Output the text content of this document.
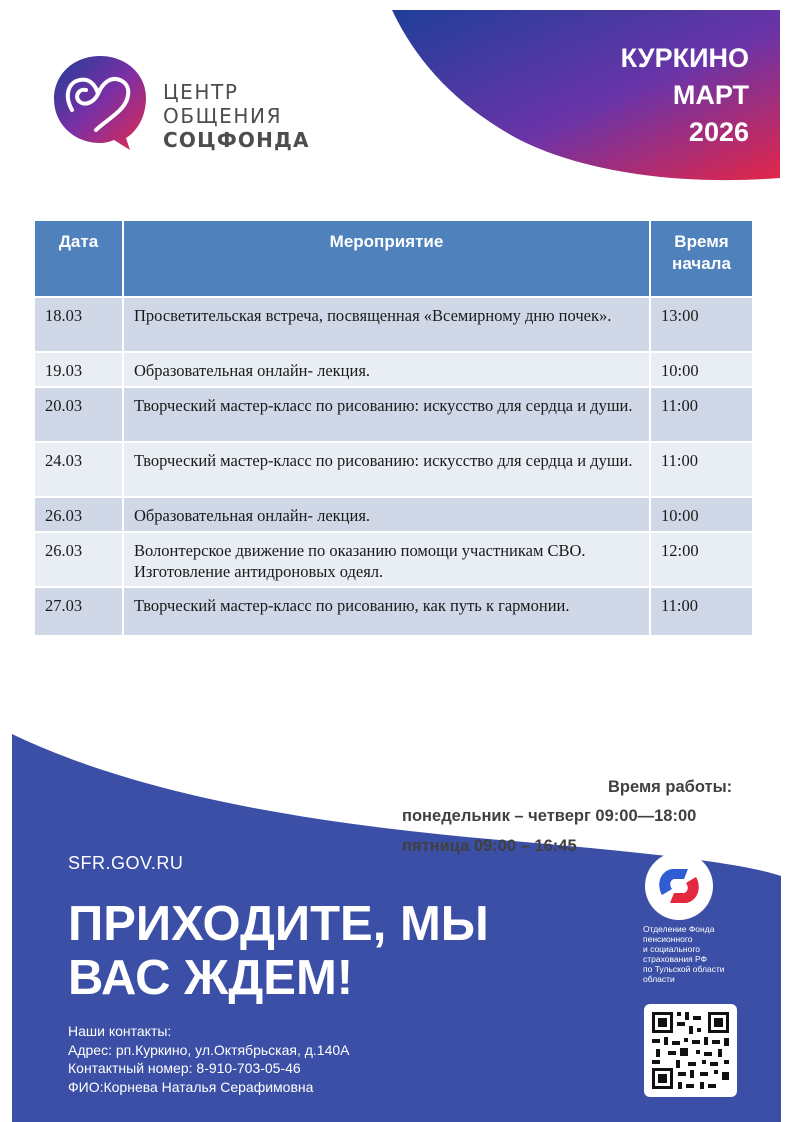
ЦЕНТР
ОБЩЕНИЯ
СОЦФОНДА
КУРКИНО
МАРТ
2026
Дата	Мероприятие	Время начала
18.03	Просветительская встреча, посвященная «Всемирному дню почек».	13:00
19.03	Образовательная онлайн- лекция.	10:00
20.03	Творческий мастер-класс по рисованию: искусство для сердца и души.	11:00
24.03	Творческий мастер-класс по рисованию: искусство для сердца и души.	11:00
26.03	Образовательная онлайн- лекция.	10:00
26.03	Волонтерское движение по оказанию помощи участникам СВО. Изготовление антидроновых одеял.	12:00
27.03	Творческий мастер-класс по рисованию, как путь к гармонии.	11:00
Время работы:
понедельник – четверг 09:00—18:00
пятница 09:00 – 16:45
SFR.GOV.RU
ПРИХОДИТЕ, МЫ
ВАС ЖДЕМ!
Наши контакты:
Адрес: рп.Куркино, ул.Октябрьская, д.140А
Контактный номер: 8-910-703-05-46
ФИО:Корнева Наталья Серафимовна
Отделение Фонда
пенсионного
и социального
страхования РФ
по Тульской области
области
